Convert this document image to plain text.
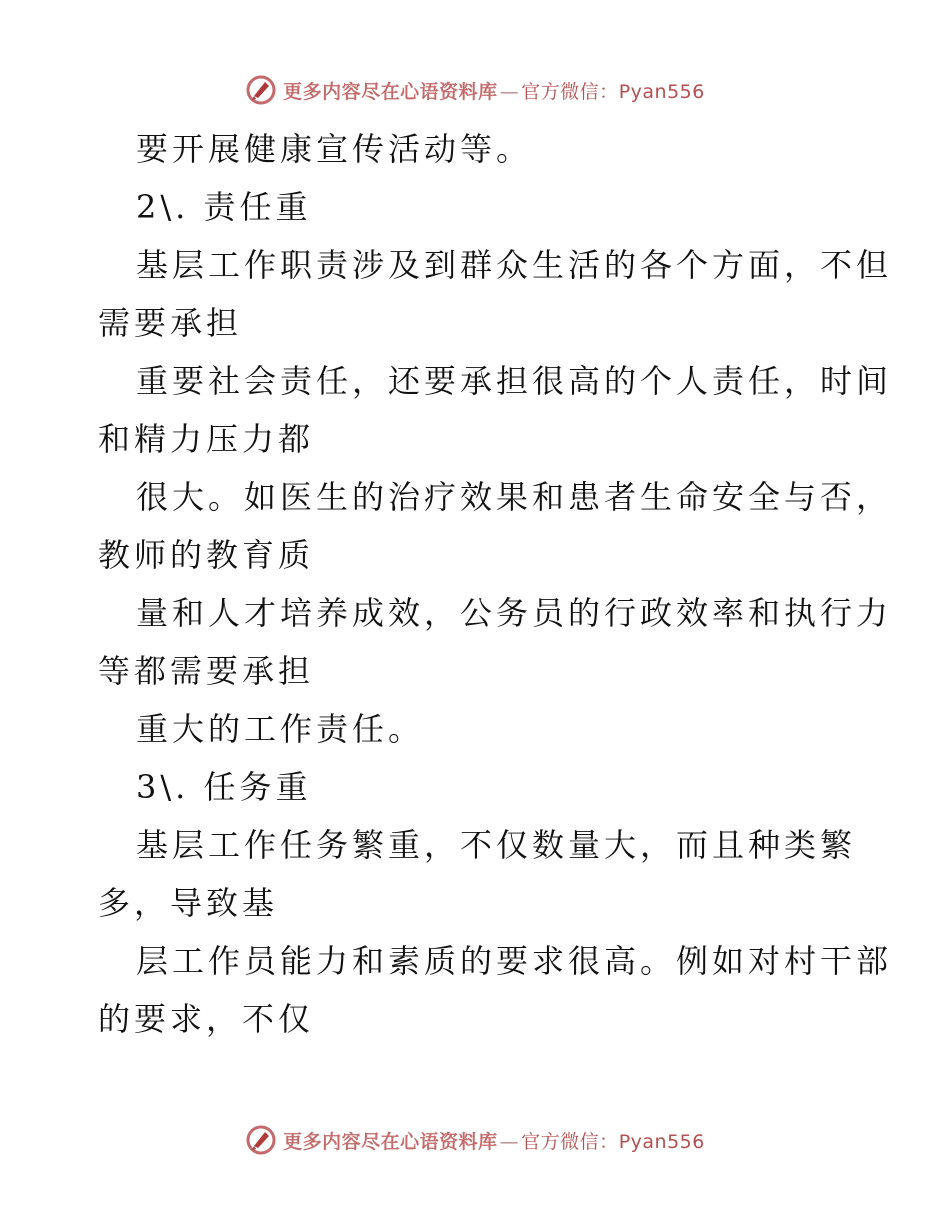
更多内容尽在心语资料库 — 官方微信：Pyan556
要开展健康宣传活动等。
2\. 责任重
基层工作职责涉及到群众生活的各个方面，不但
需要承担
重要社会责任，还要承担很高的个人责任，时间
和精力压力都
很大。如医生的治疗效果和患者生命安全与否，
教师的教育质
量和人才培养成效，公务员的行政效率和执行力
等都需要承担
重大的工作责任。
3\. 任务重
基层工作任务繁重，不仅数量大，而且种类繁
多，导致基
层工作员能力和素质的要求很高。例如对村干部
的要求，不仅
更多内容尽在心语资料库 — 官方微信：Pyan556
